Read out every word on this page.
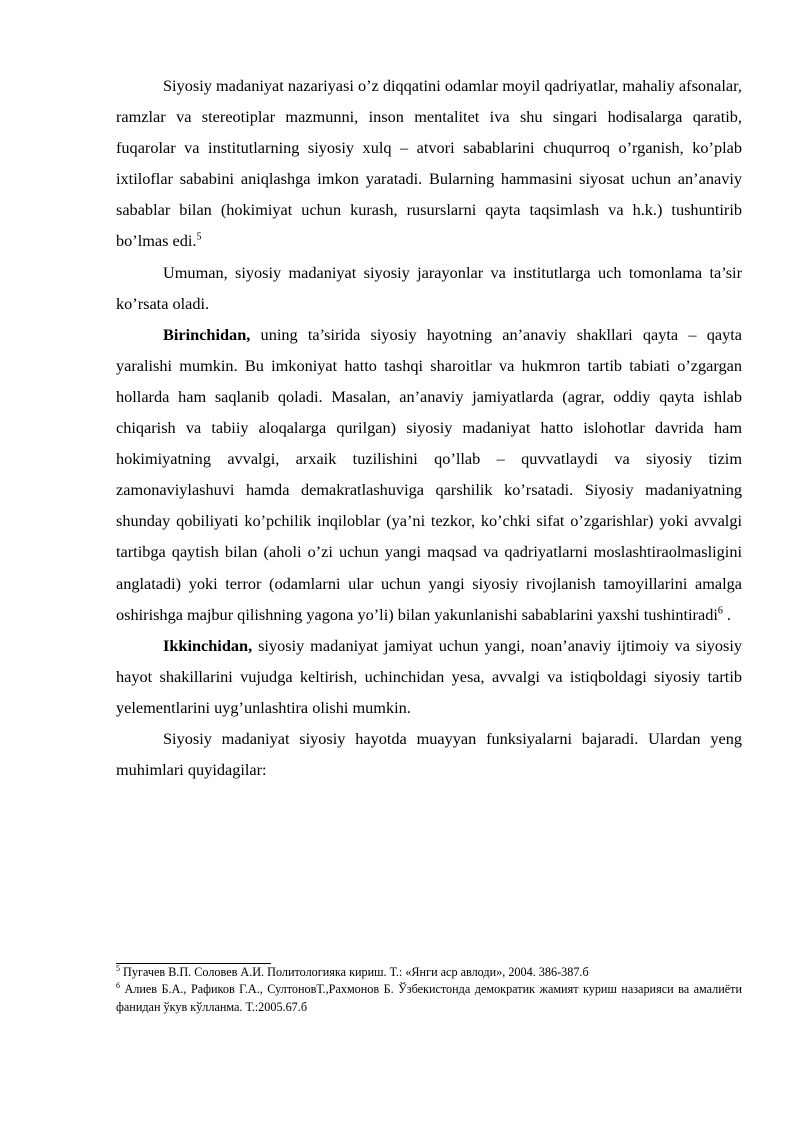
Siyosiy madaniyat nazariyasi o’z diqqatini odamlar moyil qadriyatlar, mahaliy afsonalar, ramzlar va stereotiplar mazmunni, inson mentalitet iva shu singari hodisalarga qaratib, fuqarolar va institutlarning siyosiy xulq – atvori sabablarini chuqurroq o’rganish, ko’plab ixtiloflar sababini aniqlashga imkon yaratadi. Bularning hammasini siyosat uchun an’anaviy sabablar bilan (hokimiyat uchun kurash, rusurslarni qayta taqsimlash va h.k.) tushuntirib bo’lmas edi.$^5$

Umuman, siyosiy madaniyat siyosiy jarayonlar va institutlarga uch tomonlama ta’sir ko’rsata oladi.

Birinchidan, uning ta’sirida siyosiy hayotning an’anaviy shakllari qayta – qayta yaralishi mumkin. Bu imkoniyat hatto tashqi sharoitlar va hukmron tartib tabiati o’zgargan hollarda ham saqlanib qoladi. Masalan, an’anaviy jamiyatlarda (agrar, oddiy qayta ishlab chiqarish va tabiiy aloqalarga qurilgan) siyosiy madaniyat hatto islohotlar davrida ham hokimiyatning avvalgi, arxaik tuzilishini qo’llab – quvvatlaydi va siyosiy tizim zamonaviylashuvi hamda demakratlashuviga qarshilik ko’rsatadi. Siyosiy madaniyatning shunday qobiliyati ko’pchilik inqiloblar (ya’ni tezkor, ko’chki sifat o’zgarishlar) yoki avvalgi tartibga qaytish bilan (aholi o’zi uchun yangi maqsad va qadriyatlarni moslashtiraolmasligini anglatadi) yoki terror (odamlarni ular uchun yangi siyosiy rivojlanish tamoyillarini amalga oshirishga majbur qilishning yagona yo’li) bilan yakunlanishi sabablarini yaxshi tushintiradi$^6$ .

Ikkinchidan, siyosiy madaniyat jamiyat uchun yangi, noan’anaviy ijtimoiy va siyosiy hayot shakillarini vujudga keltirish, uchinchidan yesa, avvalgi va istiqboldagi siyosiy tartib yelementlarini uyg’unlashtira olishi mumkin.

Siyosiy madaniyat siyosiy hayotda muayyan funksiyalarni bajaradi. Ulardan yeng muhimlari quyidagilar:

$^5$ Пугачев В.П. Соловев А.И. Политологияка кириш. Т.: «Янги аср авлоди», 2004. 386-387.б

$^6$ Алиев Б.А., Рафиков Г.А., СултоновТ.,Рахмонов Б. Ўзбекистонда демократик жамият куриш назарияси ва амалиёти фанидан ўкув кўлланма. Т.:2005.67.б
